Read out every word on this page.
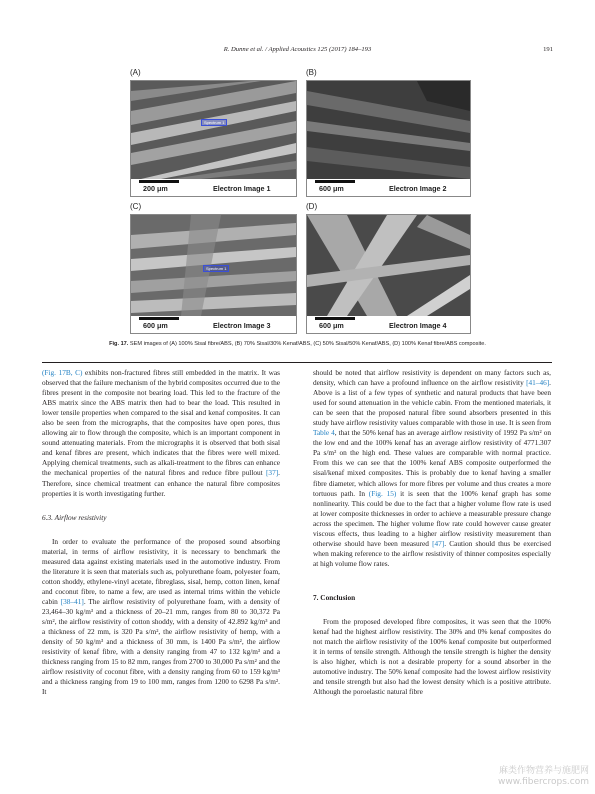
R. Dunne et al. / Applied Acoustics 125 (2017) 184–193	191
(A)
Spectrum 1
200 μm	Electron Image 1
(B)
600 μm	Electron Image 2
(C)
Spectrum 1
600 μm	Electron Image 3
(D)
600 μm	Electron Image 4
Fig. 17. SEM images of (A) 100% Sisal fibre/ABS, (B) 70% Sisal/30% Kenaf/ABS, (C) 50% Sisal/50% Kenaf/ABS, (D) 100% Kenaf fibre/ABS composite.

(Fig. 17B, C) exhibits non-fractured fibres still embedded in the matrix. It was observed that the failure mechanism of the hybrid composites occurred due to the fibres present in the composite not bearing load. This led to the fracture of the ABS matrix since the ABS matrix then had to bear the load. This resulted in lower tensile properties when compared to the sisal and kenaf composites. It can also be seen from the micrographs, that the composites have open pores, thus allowing air to flow through the composite, which is an important component in sound attenuating materials. From the micrographs it is observed that both sisal and kenaf fibres are present, which indicates that the fibres were well mixed. Applying chemical treatments, such as alkali-treatment to the fibres can enhance the mechanical properties of the natural fibres and reduce fibre pullout [37]. Therefore, since chemical treatment can enhance the natural fibre composites properties it is worth investigating further.

6.3. Airflow resistivity

In order to evaluate the performance of the proposed sound absorbing material, in terms of airflow resistivity, it is necessary to benchmark the measured data against existing materials used in the automotive industry. From the literature it is seen that materials such as, polyurethane foam, polyester foam, cotton shoddy, ethylene-vinyl acetate, fibreglass, sisal, hemp, cotton linen, kenaf and coconut fibre, to name a few, are used as internal trims within the vehicle cabin [38–41]. The airflow resistivity of polyurethane foam, with a density of 23,464–30 kg/m³ and a thickness of 20–21 mm, ranges from 80 to 30,372 Pa s/m², the airflow resistivity of cotton shoddy, with a density of 42.892 kg/m³ and a thickness of 22 mm, is 320 Pa s/m², the airflow resistivity of hemp, with a density of 50 kg/m³ and a thickness of 30 mm, is 1400 Pa s/m², the airflow resistivity of kenaf fibre, with a density ranging from 47 to 132 kg/m³ and a thickness ranging from 15 to 82 mm, ranges from 2700 to 30,000 Pa s/m² and the airflow resistivity of coconut fibre, with a density ranging from 60 to 159 kg/m³ and a thickness ranging from 19 to 100 mm, ranges from 1200 to 6298 Pa s/m². It

should be noted that airflow resistivity is dependent on many factors such as, density, which can have a profound influence on the airflow resistivity [41–46]. Above is a list of a few types of synthetic and natural products that have been used for sound attenuation in the vehicle cabin. From the mentioned materials, it can be seen that the proposed natural fibre sound absorbers presented in this study have airflow resistivity values comparable with those in use. It is seen from Table 4, that the 50% kenaf has an average airflow resistivity of 1992 Pa s/m² on the low end and the 100% kenaf has an average airflow resistivity of 4771.307 Pa s/m² on the high end. These values are comparable with normal practice. From this we can see that the 100% kenaf ABS composite outperformed the sisal/kenaf mixed composites. This is probably due to kenaf having a smaller fibre diameter, which allows for more fibres per volume and thus creates a more tortuous path. In (Fig. 15) it is seen that the 100% kenaf graph has some nonlinearity. This could be due to the fact that a higher volume flow rate is used at lower composite thicknesses in order to achieve a measurable pressure change across the specimen. The higher volume flow rate could however cause greater viscous effects, thus leading to a higher airflow resistivity measurement than otherwise should have been measured [47]. Caution should thus be exercised when making reference to the airflow resistivity of thinner composites especially at high volume flow rates.

7. Conclusion

From the proposed developed fibre composites, it was seen that the 100% kenaf had the highest airflow resistivity. The 30% and 0% kenaf composites do not match the airflow resistivity of the 100% kenaf composite but outperformed it in terms of tensile strength. Although the tensile strength is higher the density is also higher, which is not a desirable property for a sound absorber in the automotive industry. The 50% kenaf composite had the lowest airflow resistivity and tensile strength but also had the lowest density which is a positive attribute. Although the poroelastic natural fibre

麻类作物营养与施肥网
www.fibercrops.com
